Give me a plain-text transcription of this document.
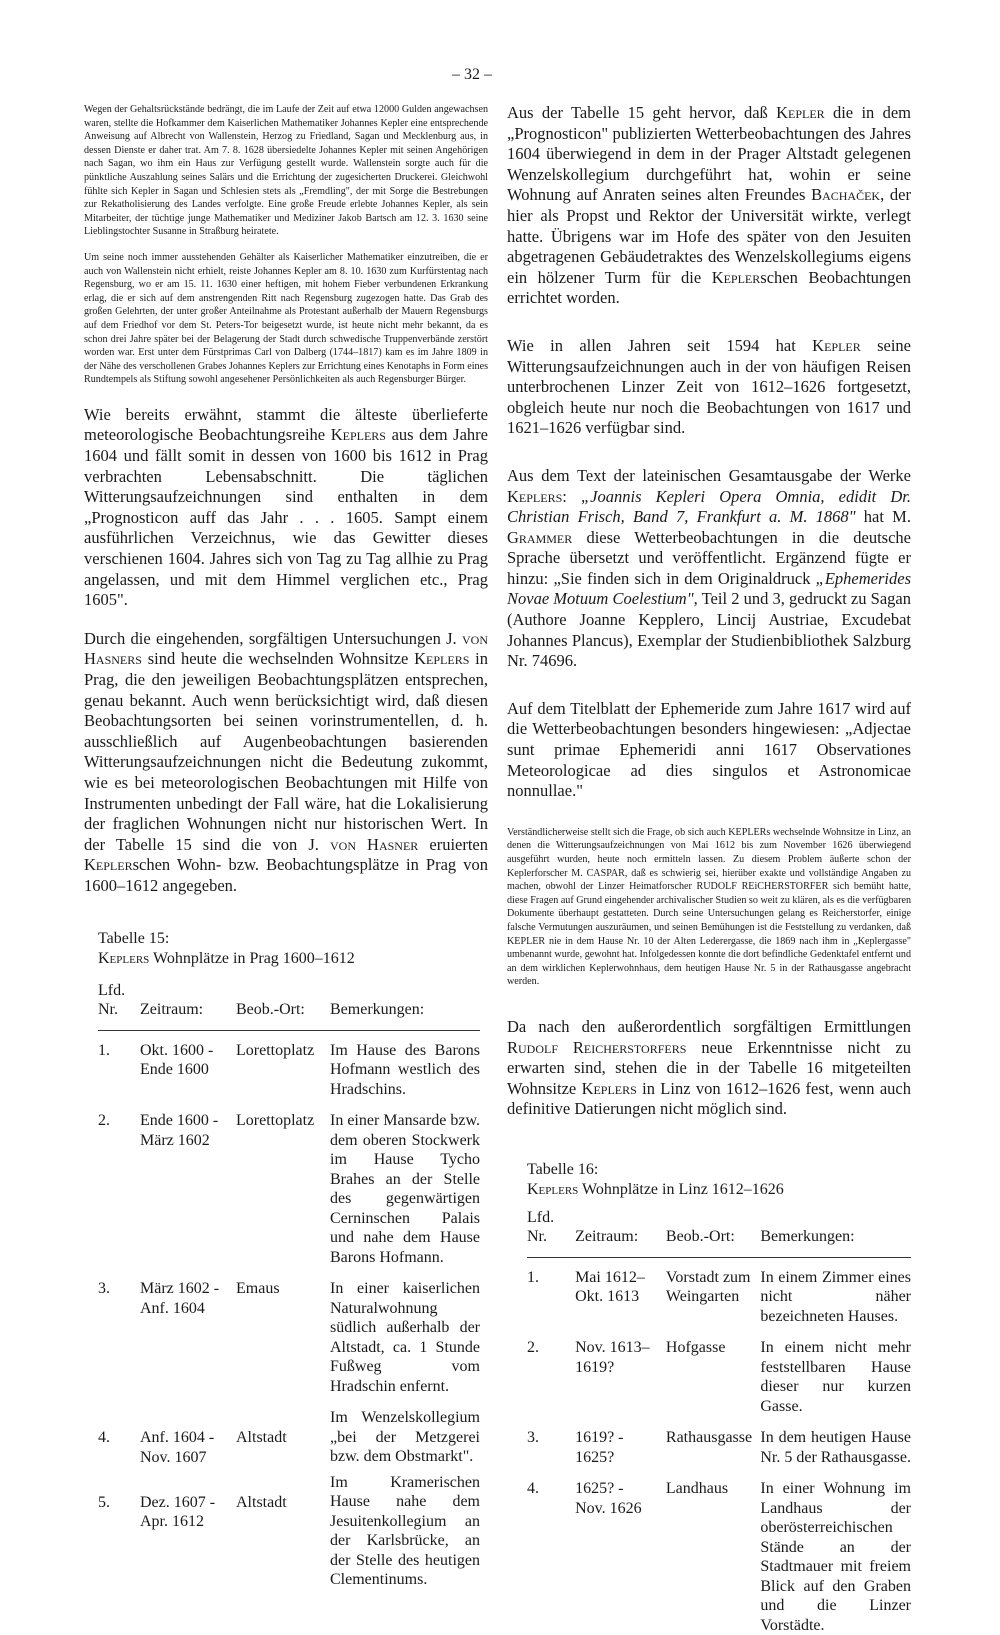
– 32 –

Wegen der Gehaltsrückstände bedrängt, die im Laufe der Zeit auf etwa 12000 Gulden angewachsen waren, stellte die Hofkammer dem Kaiserlichen Mathematiker Johannes Kepler eine entsprechende Anweisung auf Albrecht von Wallenstein, Herzog zu Friedland, Sagan und Mecklenburg aus, in dessen Dienste er daher trat. Am 7. 8. 1628 übersiedelte Johannes Kepler mit seinen Angehörigen nach Sagan, wo ihm ein Haus zur Verfügung gestellt wurde. Wallenstein sorgte auch für die pünktliche Auszahlung seines Salärs und die Errichtung der zugesicherten Druckerei. Gleichwohl fühlte sich Kepler in Sagan und Schlesien stets als „Fremdling", der mit Sorge die Bestrebungen zur Rekatholisierung des Landes verfolgte. Eine große Freude erlebte Johannes Kepler, als sein Mitarbeiter, der tüchtige junge Mathematiker und Mediziner Jakob Bartsch am 12. 3. 1630 seine Lieblingstochter Susanne in Straßburg heiratete.

Um seine noch immer ausstehenden Gehälter als Kaiserlicher Mathematiker einzutreiben, die er auch von Wallenstein nicht erhielt, reiste Johannes Kepler am 8. 10. 1630 zum Kurfürstentag nach Regensburg, wo er am 15. 11. 1630 einer heftigen, mit hohem Fieber verbundenen Erkrankung erlag, die er sich auf dem anstrengenden Ritt nach Regensburg zugezogen hatte. Das Grab des großen Gelehrten, der unter großer Anteilnahme als Protestant außerhalb der Mauern Regensburgs auf dem Friedhof vor dem St. Peters-Tor beigesetzt wurde, ist heute nicht mehr bekannt, da es schon drei Jahre später bei der Belagerung der Stadt durch schwedische Truppenverbände zerstört worden war. Erst unter dem Fürstprimas Carl von Dalberg (1744–1817) kam es im Jahre 1809 in der Nähe des verschollenen Grabes Johannes Keplers zur Errichtung eines Kenotaphs in Form eines Rundtempels als Stiftung sowohl angesehener Persönlichkeiten als auch Regensburger Bürger.

Wie bereits erwähnt, stammt die älteste überlieferte meteorologische Beobachtungsreihe Keplers aus dem Jahre 1604 und fällt somit in dessen von 1600 bis 1612 in Prag verbrachten Lebensabschnitt. Die täglichen Witterungsaufzeichnungen sind enthalten in dem „Prognosticon auff das Jahr . . . 1605. Sampt einem ausführlichen Verzeichnus, wie das Gewitter dieses verschienen 1604. Jahres sich von Tag zu Tag allhie zu Prag angelassen, und mit dem Himmel verglichen etc., Prag 1605".

Durch die eingehenden, sorgfältigen Untersuchungen J. von Hasners sind heute die wechselnden Wohnsitze Keplers in Prag, die den jeweiligen Beobachtungsplätzen entsprechen, genau bekannt. Auch wenn berücksichtigt wird, daß diesen Beobachtungsorten bei seinen vorinstrumentellen, d. h. ausschließlich auf Augenbeobachtungen basierenden Witterungsaufzeichnungen nicht die Bedeutung zukommt, wie es bei meteorologischen Beobachtungen mit Hilfe von Instrumenten unbedingt der Fall wäre, hat die Lokalisierung der fraglichen Wohnungen nicht nur historischen Wert. In der Tabelle 15 sind die von J. von Hasner eruierten Keplerschen Wohn- bzw. Beobachtungsplätze in Prag von 1600–1612 angegeben.

Tabelle 15:

Keplers Wohnplätze in Prag 1600–1612

Lfd. Nr.	Zeitraum:	Beob.-Ort:	Bemerkungen:
1.	Okt. 1600 -
Ende 1600	Lorettoplatz	Im Hause des Barons Hofmann westlich des Hradschins.
2.	Ende 1600 -
März 1602	Lorettoplatz	In einer Mansarde bzw. dem oberen Stockwerk im Hause Tycho Brahes an der Stelle des gegenwärtigen Cerninschen Palais und nahe dem Hause Barons Hofmann.
3.	März 1602 -
Anf. 1604	Emaus	In einer kaiserlichen Naturalwohnung südlich außerhalb der Altstadt, ca. 1 Stunde Fußweg vom Hradschin enfernt.
4.	Anf. 1604 -
Nov. 1607	Altstadt	Im Wenzelskollegium „bei der Metzgerei bzw. dem Obstmarkt".
5.	Dez. 1607 -
Apr. 1612	Altstadt	Im Kramerischen Hause nahe dem Jesuitenkollegium an der Karlsbrücke, an der Stelle des heutigen Clementinums.

Aus der Tabelle 15 geht hervor, daß Kepler die in dem „Prognosticon" publizierten Wetterbeobachtungen des Jahres 1604 überwiegend in dem in der Prager Altstadt gelegenen Wenzelskollegium durchgeführt hat, wohin er seine Wohnung auf Anraten seines alten Freundes Bachaček, der hier als Propst und Rektor der Universität wirkte, verlegt hatte. Übrigens war im Hofe des später von den Jesuiten abgetragenen Gebäudetraktes des Wenzelskollegiums eigens ein hölzener Turm für die Keplerschen Beobachtungen errichtet worden.

Wie in allen Jahren seit 1594 hat Kepler seine Witterungsaufzeichnungen auch in der von häufigen Reisen unterbrochenen Linzer Zeit von 1612–1626 fortgesetzt, obgleich heute nur noch die Beobachtungen von 1617 und 1621–1626 verfügbar sind.

Aus dem Text der lateinischen Gesamtausgabe der Werke Keplers: „Joannis Kepleri Opera Omnia, edidit Dr. Christian Frisch, Band 7, Frankfurt a. M. 1868" hat M. Grammer diese Wetterbeobachtungen in die deutsche Sprache übersetzt und veröffentlicht. Ergänzend fügte er hinzu: „Sie finden sich in dem Originaldruck „Ephemerides Novae Motuum Coelestium", Teil 2 und 3, gedruckt zu Sagan (Authore Joanne Kepplero, Lincij Austriae, Excudebat Johannes Plancus), Exemplar der Studienbibliothek Salzburg Nr. 74696.

Auf dem Titelblatt der Ephemeride zum Jahre 1617 wird auf die Wetterbeobachtungen besonders hingewiesen: „Adjectae sunt primae Ephemeridi anni 1617 Observationes Meteorologicae ad dies singulos et Astronomicae nonnullae."

Verständlicherweise stellt sich die Frage, ob sich auch KEPLERs wechselnde Wohnsitze in Linz, an denen die Witterungsaufzeichnungen von Mai 1612 bis zum November 1626 überwiegend ausgeführt wurden, heute noch ermitteln lassen. Zu diesem Problem äußerte schon der Keplerforscher M. CASPAR, daß es schwierig sei, hierüber exakte und vollständige Angaben zu machen, obwohl der Linzer Heimatforscher RUDOLF REiCHERSTORFER sich bemüht hatte, diese Fragen auf Grund eingehender archivalischer Studien so weit zu klären, als es die verfügbaren Dokumente überhaupt gestatteten. Durch seine Untersuchungen gelang es Reicherstorfer, einige falsche Vermutungen auszuräumen, und seinen Bemühungen ist die Feststellung zu verdanken, daß KEPLER nie in dem Hause Nr. 10 der Alten Lederergasse, die 1869 nach ihm in „Keplergasse" umbenannt wurde, gewohnt hat. Infolgedessen konnte die dort befindliche Gedenktafel entfernt und an dem wirklichen Keplerwohnhaus, dem heutigen Hause Nr. 5 in der Rathausgasse angebracht werden.

Da nach den außerordentlich sorgfältigen Ermittlungen Rudolf Reicherstorfers neue Erkenntnisse nicht zu erwarten sind, stehen die in der Tabelle 16 mitgeteilten Wohnsitze Keplers in Linz von 1612–1626 fest, wenn auch definitive Datierungen nicht möglich sind.

Tabelle 16:

Keplers Wohnplätze in Linz 1612–1626

Lfd. Nr.	Zeitraum:	Beob.-Ort:	Bemerkungen:
1.	Mai 1612–
Okt. 1613	Vorstadt zum Weingarten	In einem Zimmer eines nicht näher bezeichneten Hauses.
2.	Nov. 1613–
1619?	Hofgasse	In einem nicht mehr feststellbaren Hause dieser nur kurzen Gasse.
3.	1619? -
1625?	Rathausgasse	In dem heutigen Hause Nr. 5 der Rathausgasse.
4.	1625? -
Nov. 1626	Landhaus	In einer Wohnung im Landhaus der oberösterreichischen Stände an der Stadtmauer mit freiem Blick auf den Graben und die Linzer Vorstädte.
